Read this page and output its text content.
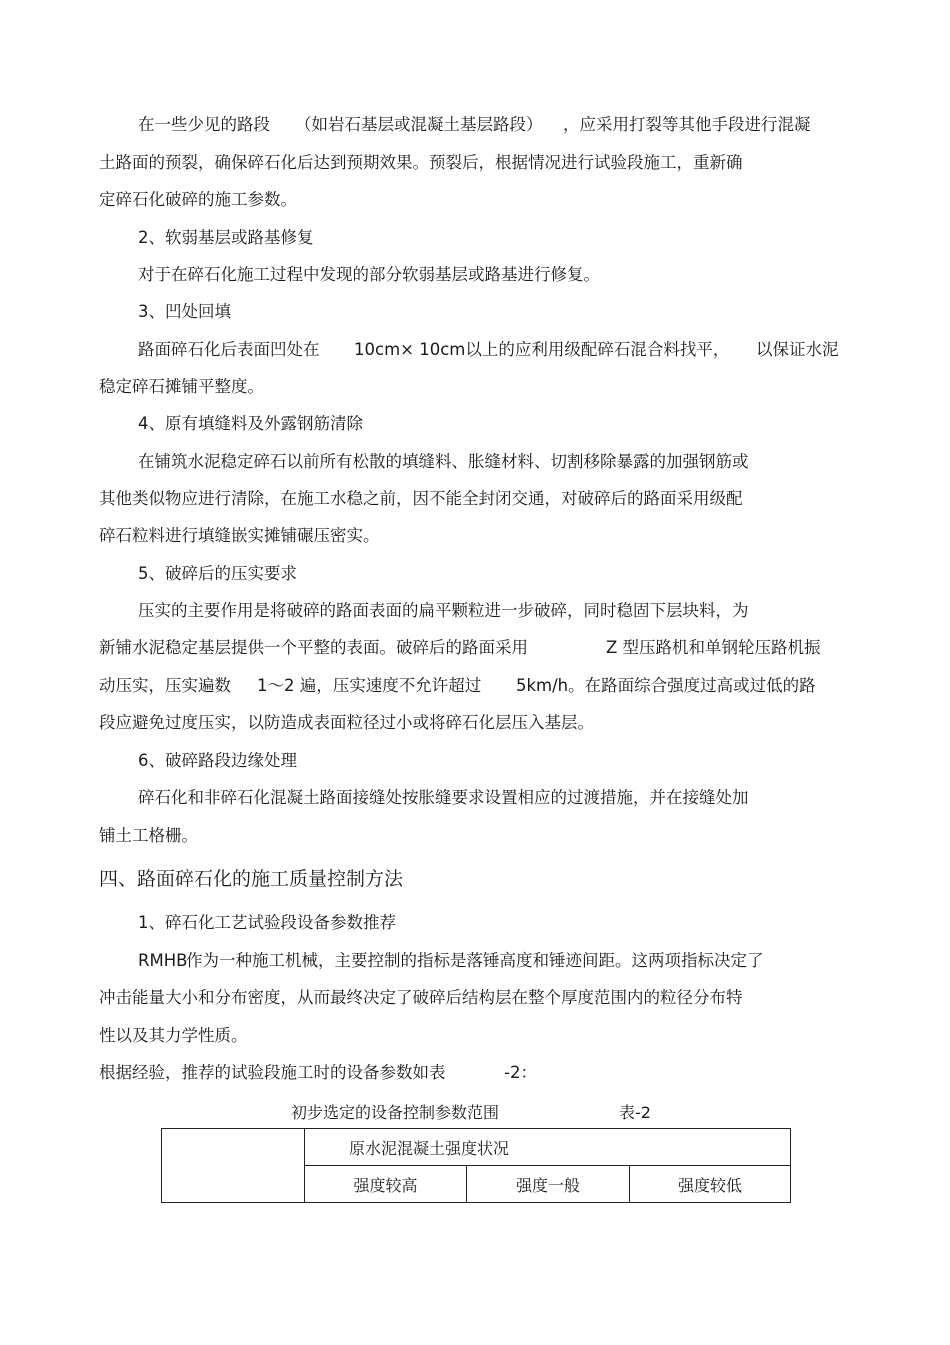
在一些少见的路段 （如岩石基层或混凝土基层路段） ，应采用打裂等其他手段进行混凝
土路面的预裂，确保碎石化后达到预期效果。预裂后，根据情况进行试验段施工，重新确
定碎石化破碎的施工参数。
2、软弱基层或路基修复
对于在碎石化施工过程中发现的部分软弱基层或路基进行修复。
3、凹处回填
路面碎石化后表面凹处在 10cm× 10cm以上的应利用级配碎石混合料找平， 以保证水泥
稳定碎石摊铺平整度。
4、原有填缝料及外露钢筋清除
在铺筑水泥稳定碎石以前所有松散的填缝料、胀缝材料、切割移除暴露的加强钢筋或
其他类似物应进行清除，在施工水稳之前，因不能全封闭交通，对破碎后的路面采用级配
碎石粒料进行填缝嵌实摊铺碾压密实。
5、破碎后的压实要求
压实的主要作用是将破碎的路面表面的扁平颗粒进一步破碎，同时稳固下层块料，为
新铺水泥稳定基层提供一个平整的表面。破碎后的路面采用	Z 型压路机和单钢轮压路机振
动压实，压实遍数 1～2 遍，压实速度不允许超过 5km/h。在路面综合强度过高或过低的路
段应避免过度压实，以防造成表面粒径过小或将碎石化层压入基层。
6、破碎路段边缘处理
碎石化和非碎石化混凝土路面接缝处按胀缝要求设置相应的过渡措施，并在接缝处加
铺土工格栅。
四、路面碎石化的施工质量控制方法
1、碎石化工艺试验段设备参数推荐
RMHB
作为一种施工机械，主要控制的指标是落锤高度和锤迹间距。这两项指标决定了
冲击能量大小和分布密度，从而最终决定了破碎后结构层在整个厚度范围内的粒径分布特
性以及其力学性质。
根据经验，推荐的试验段施工时的设备参数如表	-2：
初步选定的设备控制参数范围	表-2
	原水泥混凝土强度状况		
	强度较高	强度一般	强度较低
